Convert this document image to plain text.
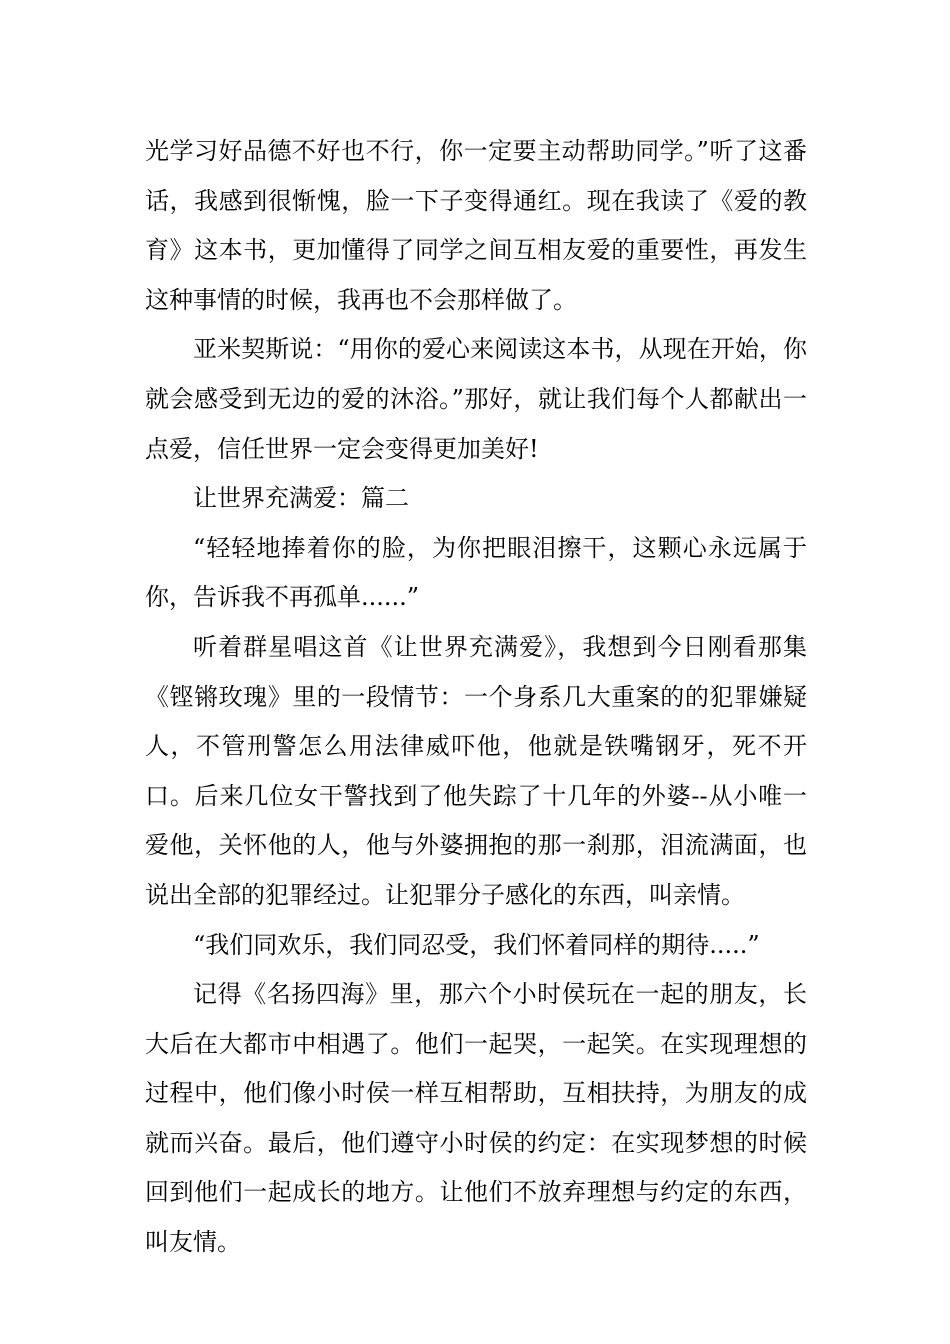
光学习好品德不好也不行，你一定要主动帮助同学。”听了这番话，我感到很惭愧，脸一下子变得通红。现在我读了《爱的教育》这本书，更加懂得了同学之间互相友爱的重要性，再发生这种事情的时候，我再也不会那样做了。

亚米契斯说：“用你的爱心来阅读这本书，从现在开始，你就会感受到无边的爱的沐浴。”那好，就让我们每个人都献出一点爱，信任世界一定会变得更加美好!

让世界充满爱：篇二

“轻轻地捧着你的脸，为你把眼泪擦干，这颗心永远属于你，告诉我不再孤单......”

听着群星唱这首《让世界充满爱》，我想到今日刚看那集《铿锵玫瑰》里的一段情节：一个身系几大重案的的犯罪嫌疑人，不管刑警怎么用法律威吓他，他就是铁嘴钢牙，死不开口。后来几位女干警找到了他失踪了十几年的外婆--从小唯一爱他，关怀他的人，他与外婆拥抱的那一刹那，泪流满面，也说出全部的犯罪经过。让犯罪分子感化的东西，叫亲情。

“我们同欢乐，我们同忍受，我们怀着同样的期待.....”

记得《名扬四海》里，那六个小时侯玩在一起的朋友，长大后在大都市中相遇了。他们一起哭，一起笑。在实现理想的过程中，他们像小时侯一样互相帮助，互相扶持，为朋友的成就而兴奋。最后，他们遵守小时侯的约定：在实现梦想的时候回到他们一起成长的地方。让他们不放弃理想与约定的东西，叫友情。
